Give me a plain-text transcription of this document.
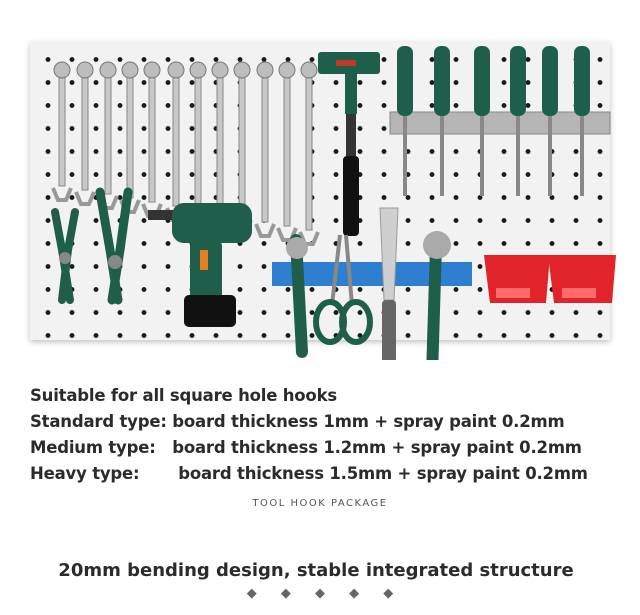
Suitable for all square hole hooks
Standard type: board thickness 1mm + spray paint 0.2mm
Medium type:   board thickness 1.2mm + spray paint 0.2mm
Heavy type:       board thickness 1.5mm + spray paint 0.2mm
TOOL HOOK PACKAGE
20mm bending design, stable integrated structure
◆ ◆ ◆ ◆ ◆
